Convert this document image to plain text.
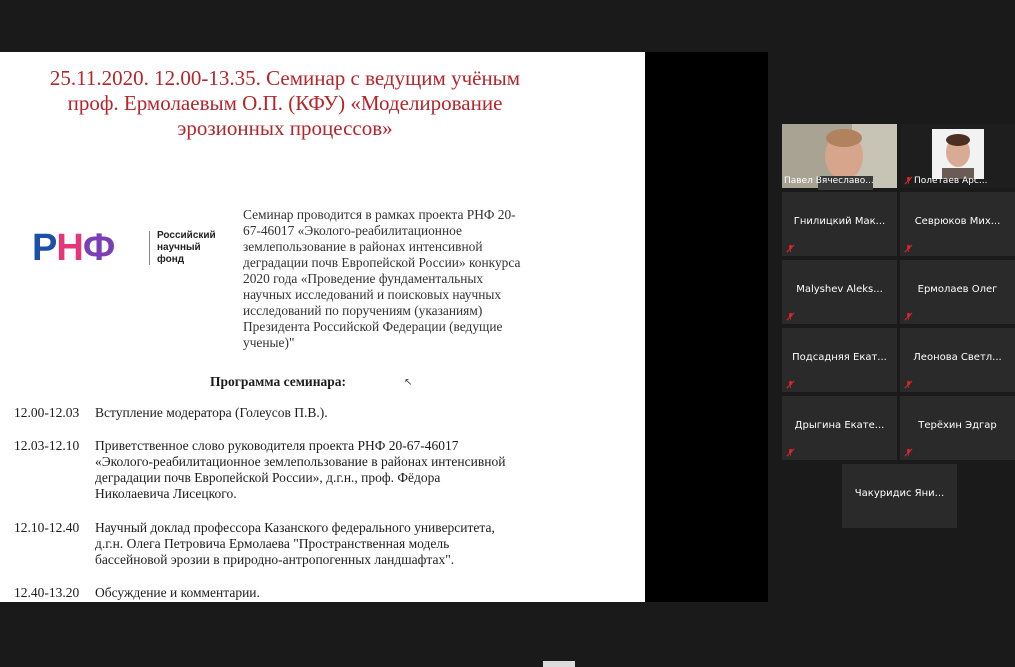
25.11.2020. 12.00-13.35. Семинар с ведущим учёным
проф. Ермолаевым О.П. (КФУ) «Моделирование
эрозионных процессов»
РНФ	Российский
научный
фонд
Семинар проводится в рамках проекта РНФ 20-
67-46017 «Эколого-реабилитационное
землепользование в районах интенсивной
деградации почв Европейской России» конкурса
2020 года «Проведение фундаментальных
научных исследований и поисковых научных
исследований по поручениям (указаниям)
Президента Российской Федерации (ведущие
ученые)"
Программа семинара:	↖
12.00-12.03 Вступление модератора (Голеусов П.В.).
12.03-12.10 Приветственное слово руководителя проекта РНФ 20-67-46017
«Эколого-реабилитационное землепользование в районах интенсивной
деградации почв Европейской России», д.г.н., проф. Фёдора
Николаевича Лисецкого.
12.10-12.40 Научный доклад профессора Казанского федерального университета,
д.г.н. Олега Петровича Ермолаева "Пространственная модель
бассейновой эрозии в природно-антропогенных ландшафтах".
12.40-13.20 Обсуждение и комментарии.
Павел Вячеславо...	Полетаев Арс...
Гнилицкий Мак...	Севрюков Мих...
Malyshev Aleks...	Ермолаев Олег
Подсадняя Екат...	Леонова Светл...
Дрыгина Екате...	Терёхин Эдгар
Чакуридис Яни...
